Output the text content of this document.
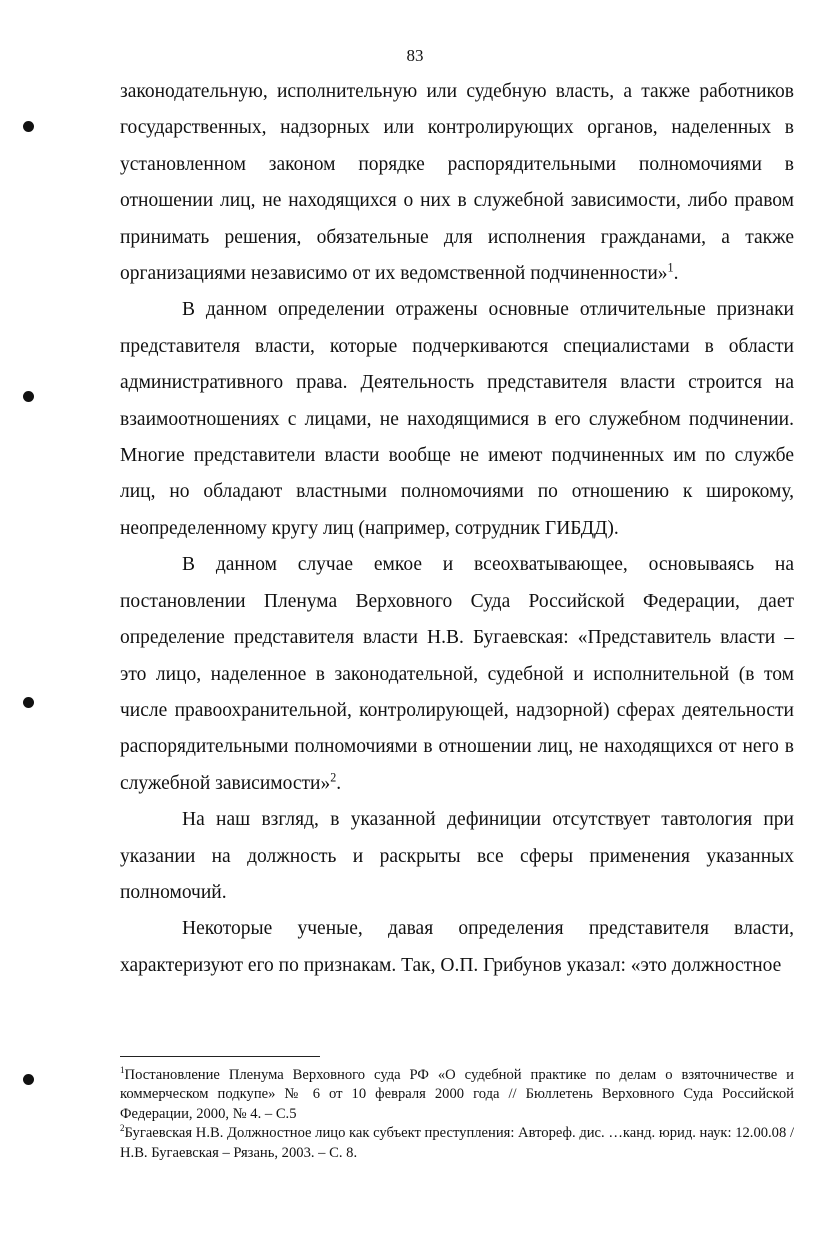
83

законодательную, исполнительную или судебную власть, а также работников государственных, надзорных или контролирующих органов, наделенных в установленном законом порядке распорядительными полномочиями в отношении лиц, не находящихся о них в служебной зависимости, либо правом принимать решения, обязательные для исполнения гражданами, а также организациями независимо от их ведомственной подчиненности»$^1$.

В данном определении отражены основные отличительные признаки представителя власти, которые подчеркиваются специалистами в области административного права. Деятельность представителя власти строится на взаимоотношениях с лицами, не находящимися в его служебном подчинении. Многие представители власти вообще не имеют подчиненных им по службе лиц, но обладают властными полномочиями по отношению к широкому, неопределенному кругу лиц (например, сотрудник ГИБДД).

В данном случае емкое и всеохватывающее, основываясь на постановлении Пленума Верховного Суда Российской Федерации, дает определение представителя власти Н.В. Бугаевская: «Представитель власти – это лицо, наделенное в законодательной, судебной и исполнительной (в том числе правоохранительной, контролирующей, надзорной) сферах деятельности распорядительными полномочиями в отношении лиц, не находящихся от него в служебной зависимости»$^2$.

На наш взгляд, в указанной дефиниции отсутствует тавтология при указании на должность и раскрыты все сферы применения указанных полномочий.

Некоторые ученые, давая определения представителя власти, характеризуют его по признакам. Так, О.П. Грибунов указал: «это должностное

$^1$Постановление Пленума Верховного суда РФ «О судебной практике по делам о взяточничестве и коммерческом подкупе» № 6 от 10 февраля 2000 года // Бюллетень Верховного Суда Российской Федерации, 2000, № 4. – С.5

$^2$Бугаевская Н.В. Должностное лицо как субъект преступления: Автореф. дис. …канд. юрид. наук: 12.00.08 / Н.В. Бугаевская – Рязань, 2003. – С. 8.
